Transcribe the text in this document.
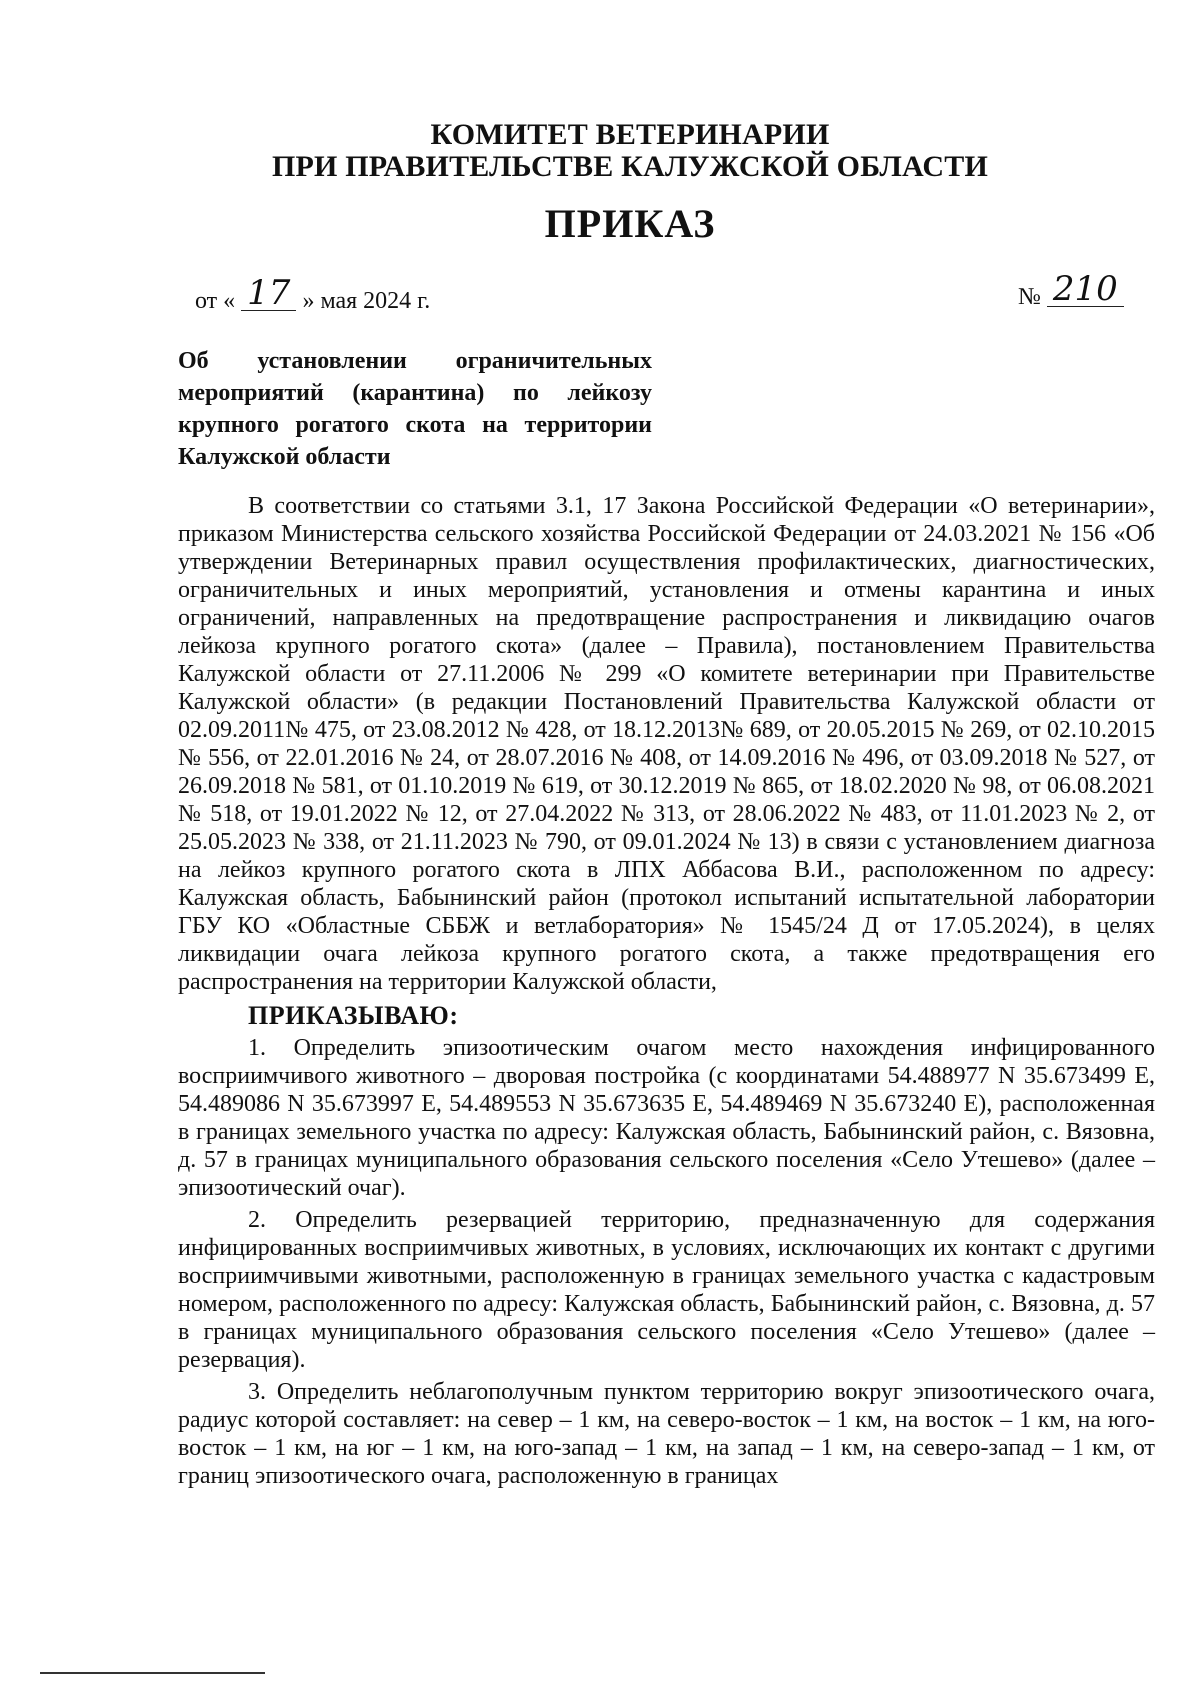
КОМИТЕТ ВЕТЕРИНАРИИ
ПРИ ПРАВИТЕЛЬСТВЕ КАЛУЖСКОЙ ОБЛАСТИ
ПРИКАЗ
от « 17 » мая 2024 г.	№ 210
Об установлении ограничительных мероприятий (карантина) по лейкозу крупного рогатого скота на территории Калужской области

В соответствии со статьями 3.1, 17 Закона Российской Федерации «О ветеринарии», приказом Министерства сельского хозяйства Российской Федерации от 24.03.2021 № 156 «Об утверждении Ветеринарных правил осуществления профилактических, диагностических, ограничительных и иных мероприятий, установления и отмены карантина и иных ограничений, направленных на предотвращение распространения и ликвидацию очагов лейкоза крупного рогатого скота» (далее – Правила), постановлением Правительства Калужской области от 27.11.2006 № 299 «О комитете ветеринарии при Правительстве Калужской области» (в редакции Постановлений Правительства Калужской области от 02.09.2011№ 475, от 23.08.2012 № 428, от 18.12.2013№ 689, от 20.05.2015 № 269, от 02.10.2015 № 556, от 22.01.2016 № 24, от 28.07.2016 № 408, от 14.09.2016 № 496, от 03.09.2018 № 527, от 26.09.2018 № 581, от 01.10.2019 № 619, от 30.12.2019 № 865, от 18.02.2020 № 98, от 06.08.2021 № 518, от 19.01.2022 № 12, от 27.04.2022 № 313, от 28.06.2022 № 483, от 11.01.2023 № 2, от 25.05.2023 № 338, от 21.11.2023 № 790, от 09.01.2024 № 13) в связи с установлением диагноза на лейкоз крупного рогатого скота в ЛПХ Аббасова В.И., расположенном по адресу: Калужская область, Бабынинский район (протокол испытаний испытательной лаборатории ГБУ КО «Областные СББЖ и ветлаборатория» № 1545/24 Д от 17.05.2024), в целях ликвидации очага лейкоза крупного рогатого скота, а также предотвращения его распространения на территории Калужской области,

ПРИКАЗЫВАЮ:

1. Определить эпизоотическим очагом место нахождения инфицированного восприимчивого животного – дворовая постройка (с координатами 54.488977 N 35.673499 E, 54.489086 N 35.673997 E, 54.489553 N 35.673635 E, 54.489469 N 35.673240 E), расположенная в границах земельного участка по адресу: Калужская область, Бабынинский район, с. Вязовна, д. 57 в границах муниципального образования сельского поселения «Село Утешево» (далее – эпизоотический очаг).

2. Определить резервацией территорию, предназначенную для содержания инфицированных восприимчивых животных, в условиях, исключающих их контакт с другими восприимчивыми животными, расположенную в границах земельного участка с кадастровым номером, расположенного по адресу: Калужская область, Бабынинский район, с. Вязовна, д. 57 в границах муниципального образования сельского поселения «Село Утешево» (далее – резервация).

3. Определить неблагополучным пунктом территорию вокруг эпизоотического очага, радиус которой составляет: на север – 1 км, на северо-восток – 1 км, на восток – 1 км, на юго-восток – 1 км, на юг – 1 км, на юго-запад – 1 км, на запад – 1 км, на северо-запад – 1 км, от границ эпизоотического очага, расположенную в границах
